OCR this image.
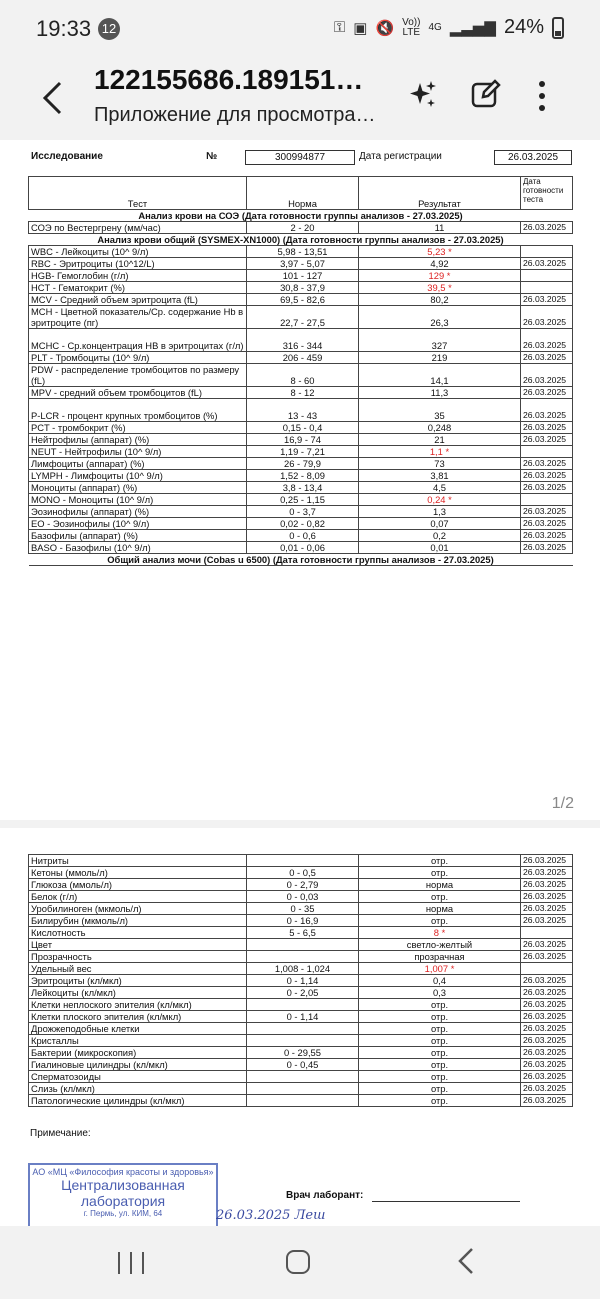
19:33 12	⚿ ▣ 🔇 Vo))
LTE 4G ▂▃▅▇ 24%
122155686.189151…
Приложение для просмотра…
Исследование	№	300994877	Дата регистрации	26.03.2025
Тест	Норма	Результат	Дата готовности теста
Анализ крови на СОЭ (Дата готовности группы анализов - 27.03.2025)			
СОЭ по Вестергрену (мм/час)	2 - 20	11	26.03.2025
Анализ крови общий (SYSMEX-XN1000) (Дата готовности группы анализов - 27.03.2025)			
WBC - Лейкоциты (10^ 9/л)	5,98 - 13,51	5,23 *	
RBC - Эритроциты (10^12/L)	3,97 - 5,07	4,92	26.03.2025
HGB- Гемоглобин (г/л)	101 - 127	129 *	
HCT - Гематокрит (%)	30,8 - 37,9	39,5 *	
MCV - Средний объем эритроцита (fL)	69,5 - 82,6	80,2	26.03.2025
MCH - Цветной показатель/Ср. содержание Hb в эритроците (пг)	22,7 - 27,5	26,3	26.03.2025
MCHC - Ср.концентрация HB в эритроцитах (г/л)	316 - 344	327	26.03.2025
PLT - Тромбоциты (10^ 9/л)	206 - 459	219	26.03.2025
PDW - распределение тромбоцитов по размеру (fL)	8 - 60	14,1	26.03.2025
MPV - средний объем тромбоцитов (fL)	8 - 12	11,3	26.03.2025
P-LCR - процент крупных тромбоцитов (%)	13 - 43	35	26.03.2025
PCT - тромбокрит (%)	0,15 - 0,4	0,248	26.03.2025
Нейтрофилы (аппарат) (%)	16,9 - 74	21	26.03.2025
NEUT - Нейтрофилы (10^ 9/л)	1,19 - 7,21	1,1 *	
Лимфоциты (аппарат) (%)	26 - 79,9	73	26.03.2025
LYMPH - Лимфоциты (10^ 9/л)	1,52 - 8,09	3,81	26.03.2025
Моноциты (аппарат) (%)	3,8 - 13,4	4,5	26.03.2025
MONO - Моноциты (10^ 9/л)	0,25 - 1,15	0,24 *	
Эозинофилы (аппарат) (%)	0 - 3,7	1,3	26.03.2025
EO - Эозинофилы (10^ 9/л)	0,02 - 0,82	0,07	26.03.2025
Базофилы (аппарат) (%)	0 - 0,6	0,2	26.03.2025
BASO - Базофилы (10^ 9/л)	0,01 - 0,06	0,01	26.03.2025
Общий анализ мочи (Cobas u 6500) (Дата готовности группы анализов - 27.03.2025)			
1/2
Нитриты		отр.	26.03.2025
Кетоны (ммоль/л)	0 - 0,5	отр.	26.03.2025
Глюкоза (ммоль/л)	0 - 2,79	норма	26.03.2025
Белок (г/л)	0 - 0,03	отр.	26.03.2025
Уробилиноген (мкмоль/л)	0 - 35	норма	26.03.2025
Билирубин (мкмоль/л)	0 - 16,9	отр.	26.03.2025
Кислотность	5 - 6,5	8 *	
Цвет		светло-желтый	26.03.2025
Прозрачность		прозрачная	26.03.2025
Удельный вес	1,008 - 1,024	1,007 *	
Эритроциты (кл/мкл)	0 - 1,14	0,4	26.03.2025
Лейкоциты (кл/мкл)	0 - 2,05	0,3	26.03.2025
Клетки неплоского эпителия (кл/мкл)		отр.	26.03.2025
Клетки плоского эпителия (кл/мкл)	0 - 1,14	отр.	26.03.2025
Дрожжеподобные клетки		отр.	26.03.2025
Кристаллы		отр.	26.03.2025
Бактерии (микроскопия)	0 - 29,55	отр.	26.03.2025
Гиалиновые цилиндры (кл/мкл)	0 - 0,45	отр.	26.03.2025
Сперматозоиды		отр.	26.03.2025
Слизь (кл/мкл)		отр.	26.03.2025
Патологические цилиндры (кл/мкл)		отр.	26.03.2025
Примечание:
АО «МЦ «Философия красоты и здоровья»
Централизованная
лаборатория
г. Пермь, ул. КИМ, 64
Врач лаборант:
26.03.2025 Леш
